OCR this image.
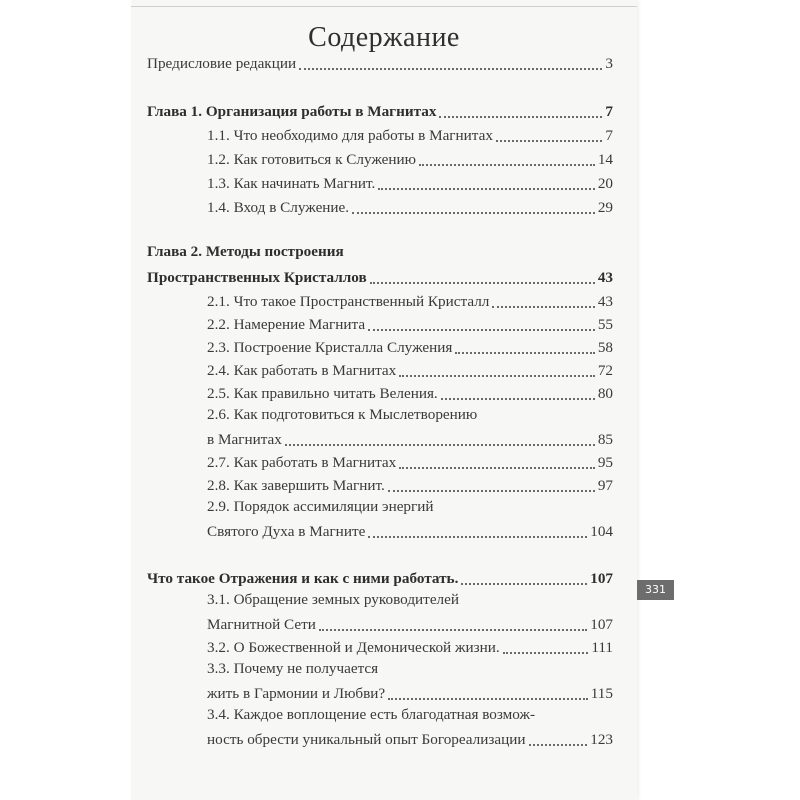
Содержание
Предисловие редакции	3
Глава 1. Организация работы в Магнитах	7
1.1. Что необходимо для работы в Магнитах	7
1.2. Как готовиться к Служению	14
1.3. Как начинать Магнит.	20
1.4. Вход в Служение.	29
Глава 2. Методы построения
Пространственных Кристаллов	43
2.1. Что такое Пространственный Кристалл	43
2.2. Намерение Магнита	55
2.3. Построение Кристалла Служения	58
2.4. Как работать в Магнитах	72
2.5. Как правильно читать Веления.	80
2.6. Как подготовиться к Мыслетворению
в Магнитах	85
2.7. Как работать в Магнитах	95
2.8. Как завершить Магнит.	97
2.9. Порядок ассимиляции энергий
Святого Духа в Магните	104
Что такое Отражения и как с ними работать.	107
3.1. Обращение земных руководителей
Магнитной Сети	107
3.2. О Божественной и Демонической жизни.	111
3.3. Почему не получается
жить в Гармонии и Любви?	115
3.4. Каждое воплощение есть благодатная возмож-
ность обрести уникальный опыт Богореализации	123
331
